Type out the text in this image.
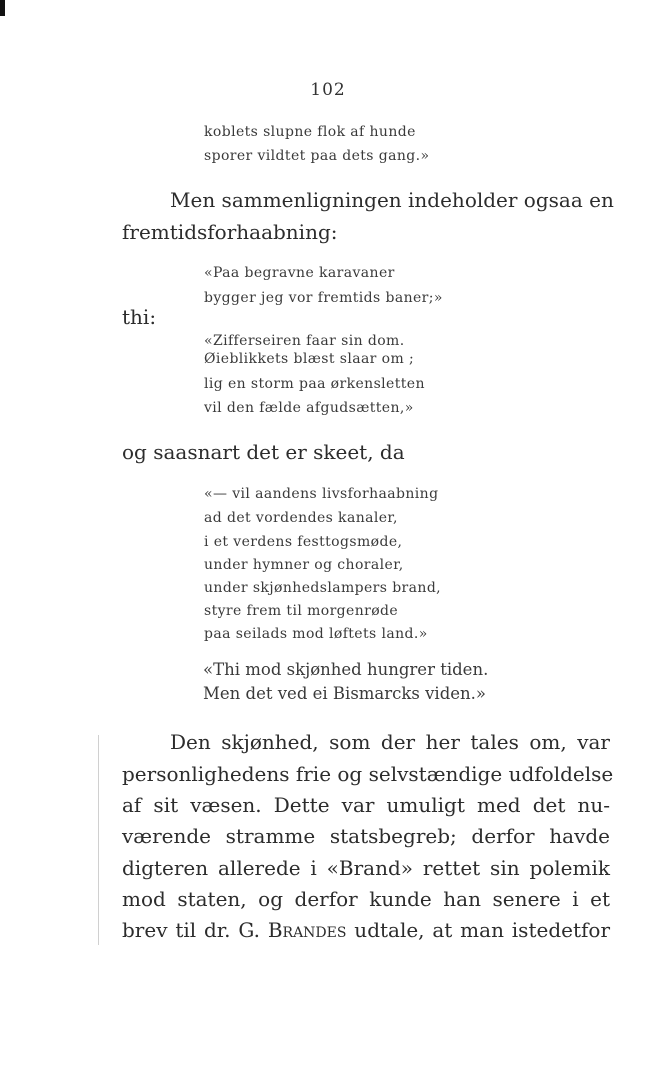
102
koblets slupne flok af hunde
sporer vildtet paa dets gang.»
Men sammenligningen indeholder ogsaa en
fremtidsforhaabning:
thi:
«Paa begravne karavaner
bygger jeg vor fremtids baner;»
«Zifferseiren faar sin dom.
Øieblikkets blæst slaar om ;
lig en storm paa ørkensletten
vil den fælde afgudsætten,»
og saasnart det er skeet, da
«— vil aandens livsforhaabning
ad det vordendes kanaler,
i et verdens festtogsmøde,
under hymner og choraler,
under skjønhedslampers brand,
styre frem til morgenrøde
paa seilads mod løftets land.»
«Thi mod skjønhed hungrer tiden.
Men det ved ei Bismarcks viden.»
Den skjønhed, som der her tales om, var
personlighedens frie og selvstændige udfoldelse
af sit væsen. Dette var umuligt med det nu-
værende stramme statsbegreb; derfor havde
digteren allerede i «Brand» rettet sin polemik
mod staten, og derfor kunde han senere i et
brev til dr. G. Brandes udtale, at man istedetfor
